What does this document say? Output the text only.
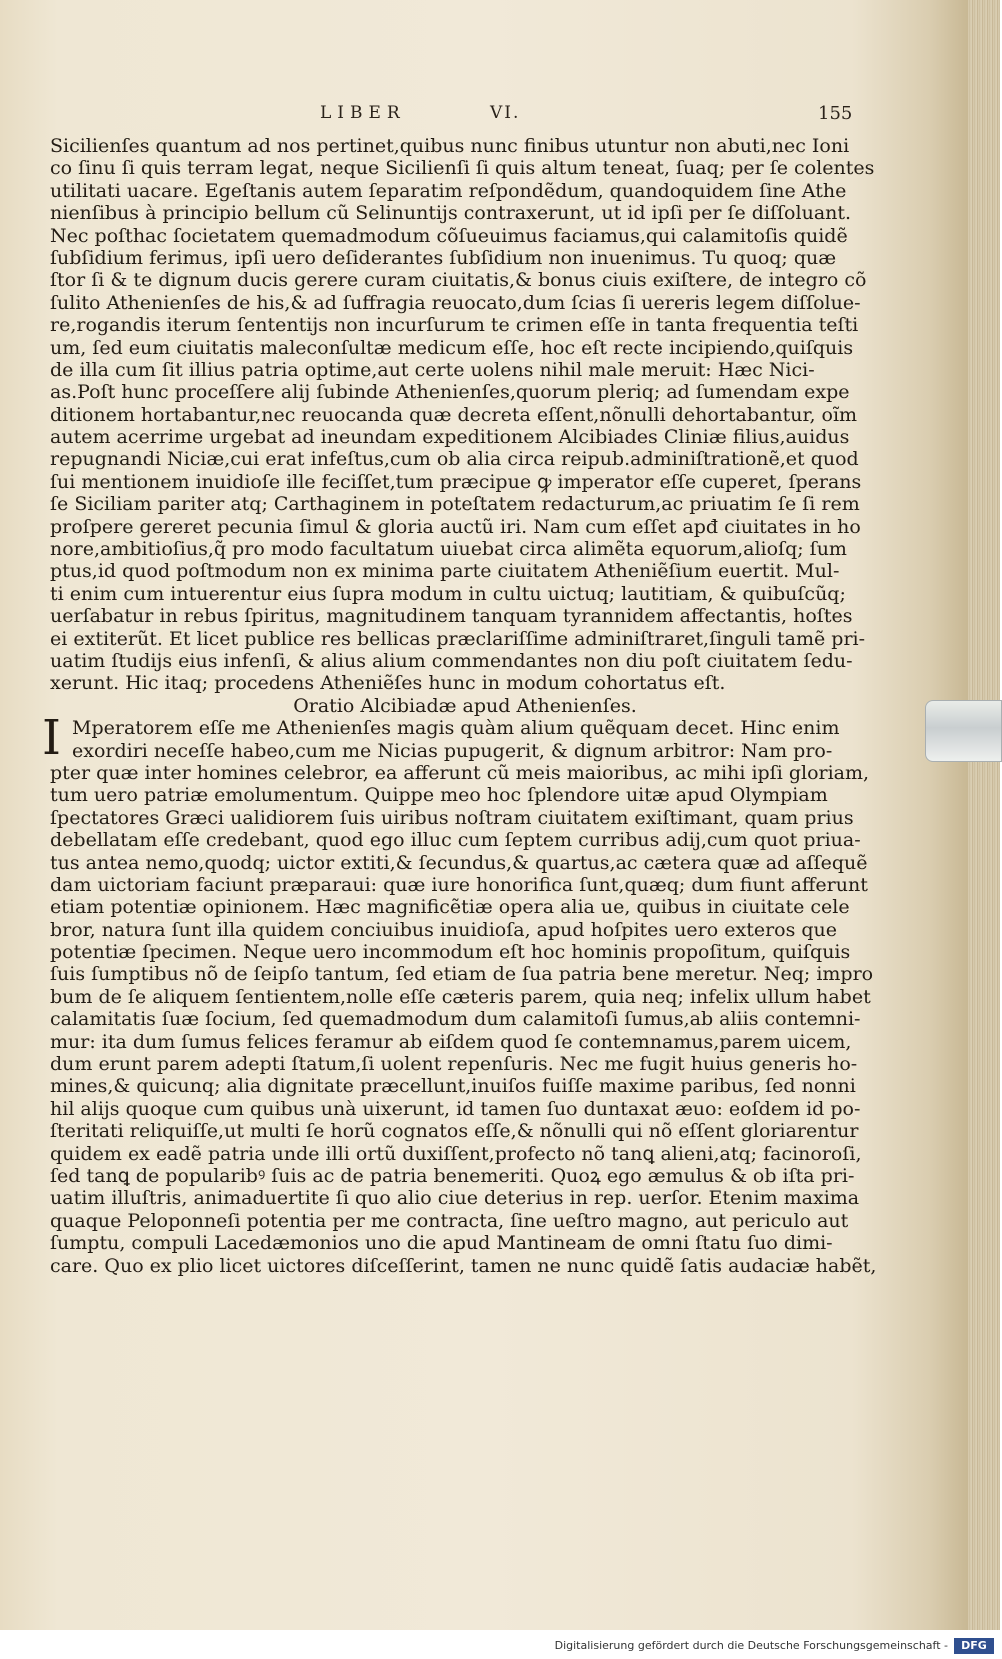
LIBER	VI.	155
Sicilienſes quantum ad nos pertinet,quibus nunc finibus utuntur non abuti,nec Ioni
co ſinu ſi quis terram legat, neque Sicilienſi ſi quis altum teneat, ſuaq; per ſe colentes
utilitati uacare. Egeſtanis autem ſeparatim reſpondẽdum, quandoquidem ſine Athe
nienſibus à principio bellum cũ Selinuntijs contraxerunt, ut id ipſi per ſe diſſoluant.
Nec poſthac ſocietatem quemadmodum cõſueuimus faciamus,qui calamitoſis quidẽ
ſubſidium ferimus, ipſi uero deſiderantes ſubſidium non inuenimus. Tu quoq; quæ
ſtor ſi & te dignum ducis gerere curam ciuitatis,& bonus ciuis exiſtere, de integro cõ
ſulito Athenienſes de his,& ad ſuffragia reuocato,dum ſcias ſi uereris legem diſſolue-
re,rogandis iterum ſententijs non incurſurum te crimen eſſe in tanta frequentia teſti
um, ſed eum ciuitatis maleconſultæ medicum eſſe, hoc eſt recte incipiendo,quiſquis
de illa cum ſit illius patria optime,aut certe uolens nihil male meruit: Hæc Nici-
as.Poſt hunc proceſſere alij ſubinde Athenienſes,quorum pleriq; ad ſumendam expe
ditionem hortabantur,nec reuocanda quæ decreta eſſent,nõnulli dehortabantur, oĩm
autem acerrime urgebat ad ineundam expeditionem Alcibiades Cliniæ filius,auidus
repugnandi Niciæ,cui erat infeſtus,cum ob alia circa reipub.adminiſtrationẽ,et quod
ſui mentionem inuidioſe ille feciſſet,tum præcipue ꝙ imperator eſſe cuperet, ſperans
ſe Siciliam pariter atq; Carthaginem in poteſtatem redacturum,ac priuatim ſe ſi rem
proſpere gereret pecunia ſimul & gloria auctũ iri. Nam cum eſſet apđ ciuitates in ho
nore,ambitioſius,q̃ pro modo facultatum uiuebat circa alimẽta equorum,alioſq; ſum
ptus,id quod poſtmodum non ex minima parte ciuitatem Atheniẽſium euertit. Mul-
ti enim cum intuerentur eius ſupra modum in cultu uictuq; lautitiam, & quibuſcũq;
uerſabatur in rebus ſpiritus, magnitudinem tanquam tyrannidem affectantis, hoſtes
ei extiterũt. Et licet publice res bellicas præclariſſime adminiſtraret,ſinguli tamẽ pri-
uatim ſtudijs eius infenſi, & alius alium commendantes non diu poſt ciuitatem ſedu-
xerunt. Hic itaq; procedens Atheniẽſes hunc in modum cohortatus eſt.
Oratio Alcibiadæ apud Athenienſes.
I Mperatorem eſſe me Athenienſes magis quàm alium quẽquam decet. Hinc enim
exordiri neceſſe habeo,cum me Nicias pupugerit, & dignum arbitror: Nam pro-
pter quæ inter homines celebror, ea afferunt cũ meis maioribus, ac mihi ipſi gloriam,
tum uero patriæ emolumentum. Quippe meo hoc ſplendore uitæ apud Olympiam
ſpectatores Græci ualidiorem ſuis uiribus noſtram ciuitatem exiſtimant, quam prius
debellatam eſſe credebant, quod ego illuc cum ſeptem curribus adij,cum quot priua-
tus antea nemo,quodq; uictor extiti,& ſecundus,& quartus,ac cætera quæ ad aſſequẽ
dam uictoriam faciunt præparaui: quæ iure honorifica ſunt,quæq; dum fiunt afferunt
etiam potentiæ opinionem. Hæc magnificẽtiæ opera alia ue, quibus in ciuitate cele
bror, natura ſunt illa quidem conciuibus inuidioſa, apud hoſpites uero exteros que
potentiæ ſpecimen. Neque uero incommodum eſt hoc hominis propoſitum, quiſquis
ſuis ſumptibus nõ de ſeipſo tantum, ſed etiam de ſua patria bene meretur. Neq; impro
bum de ſe aliquem ſentientem,nolle eſſe cæteris parem, quia neq; infelix ullum habet
calamitatis ſuæ ſocium, ſed quemadmodum dum calamitoſi ſumus,ab aliis contemni-
mur: ita dum ſumus felices feramur ab eiſdem quod ſe contemnamus,parem uicem,
dum erunt parem adepti ſtatum,ſi uolent repenſuris. Nec me fugit huius generis ho-
mines,& quicunq; alia dignitate præcellunt,inuiſos fuiſſe maxime paribus, ſed nonni
hil alijs quoque cum quibus unà uixerunt, id tamen ſuo duntaxat æuo: eoſdem id po-
ſteritati reliquiſſe,ut multi ſe horũ cognatos eſſe,& nõnulli qui nõ eſſent gloriarentur
quidem ex eadẽ patria unde illi ortũ duxiſſent,profecto nõ tanꝗ alieni,atq; facinoroſi,
ſed tanꝗ de popularibꝰ ſuis ac de patria benemeriti. Quoꝝ ego æmulus & ob iſta pri-
uatim illuſtris, animaduertite ſi quo alio ciue deterius in rep. uerſor. Etenim maxima
quaque Peloponneſi potentia per me contracta, ſine ueſtro magno, aut periculo aut
ſumptu, compuli Lacedæmonios uno die apud Mantineam de omni ſtatu ſuo dimi-
care. Quo ex plio licet uictores diſceſſerint, tamen ne nunc quidẽ ſatis audaciæ habẽt,
Digitalisierung gefördert durch die Deutsche Forschungsgemeinschaft -	DFG
